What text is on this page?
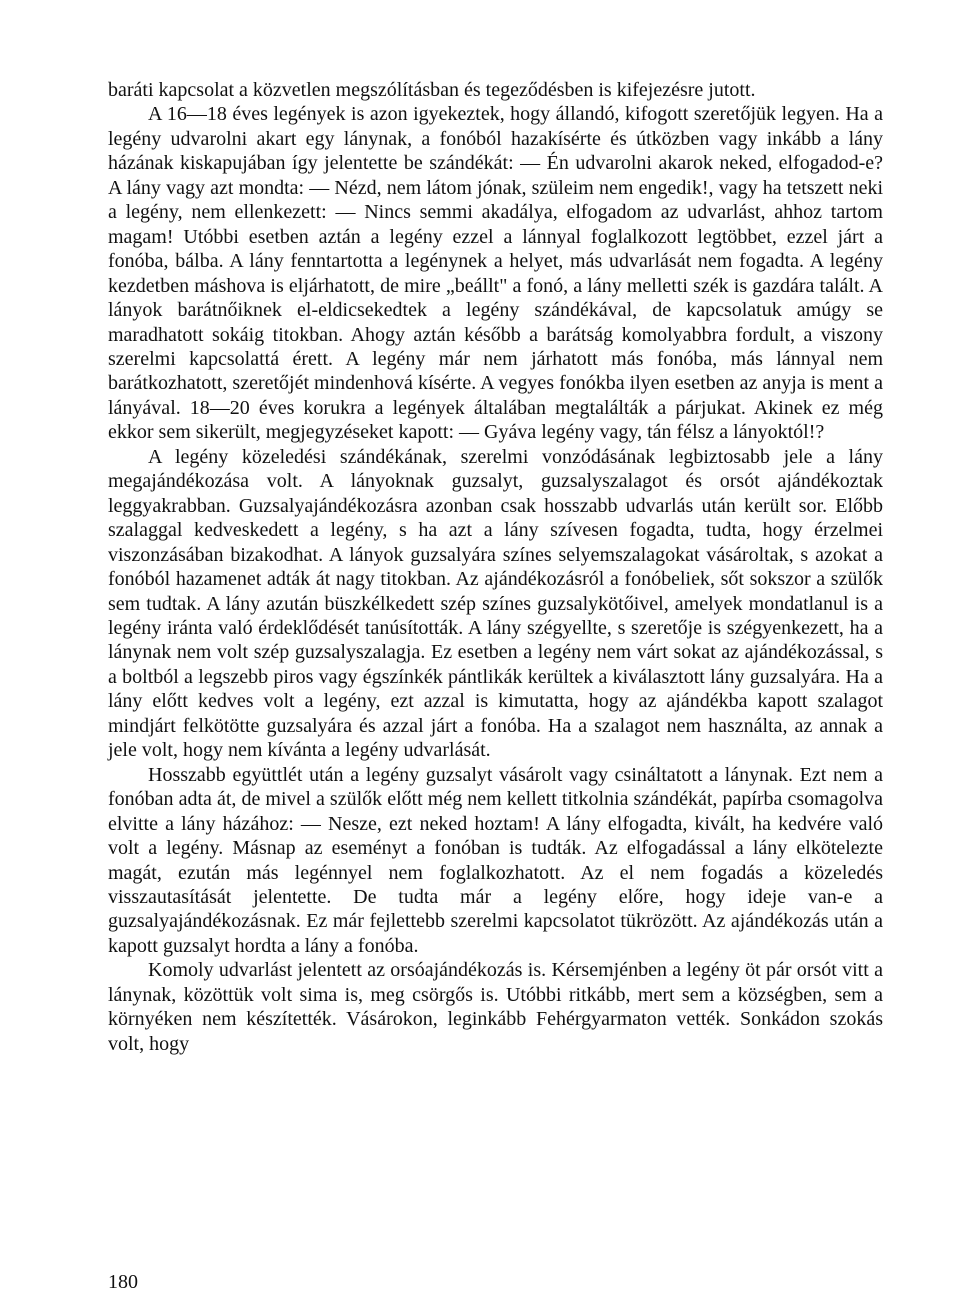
baráti kapcsolat a közvetlen megszólításban és tegeződésben is kifejezésre jutott.

A 16—18 éves legények is azon igyekeztek, hogy állandó, kifogott szeretőjük legyen. Ha a legény udvarolni akart egy lánynak, a fonóból hazakísérte és útközben vagy inkább a lány házának kiskapujában így jelentette be szándékát: — Én udvarolni akarok neked, elfogadod-e? A lány vagy azt mondta: — Nézd, nem látom jónak, szüleim nem engedik!, vagy ha tetszett neki a legény, nem ellenkezett: — Nincs semmi akadálya, elfogadom az udvarlást, ahhoz tartom magam! Utóbbi esetben aztán a legény ezzel a lánnyal foglalkozott legtöbbet, ezzel járt a fonóba, bálba. A lány fenntartotta a legénynek a helyet, más udvarlását nem fogadta. A legény kezdetben máshova is eljárhatott, de mire „beállt" a fonó, a lány melletti szék is gazdára talált. A lányok barátnőiknek el-eldicsekedtek a legény szándékával, de kapcsolatuk amúgy se maradhatott sokáig titokban. Ahogy aztán később a barátság komolyabbra fordult, a viszony szerelmi kapcsolattá érett. A legény már nem járhatott más fonóba, más lánnyal nem barátkozhatott, szeretőjét mindenhová kísérte. A vegyes fonókba ilyen esetben az anyja is ment a lányával. 18—20 éves korukra a legények általában megtalálták a párjukat. Akinek ez még ekkor sem sikerült, megjegyzéseket kapott: — Gyáva legény vagy, tán félsz a lányoktól!?

A legény közeledési szándékának, szerelmi vonzódásának legbiztosabb jele a lány megajándékozása volt. A lányoknak guzsalyt, guzsalyszalagot és orsót ajándékoztak leggyakrabban. Guzsalyajándékozásra azonban csak hosszabb udvarlás után került sor. Előbb szalaggal kedveskedett a legény, s ha azt a lány szívesen fogadta, tudta, hogy érzelmei viszonzásában bizakodhat. A lányok guzsalyára színes selyemszalagokat vásároltak, s azokat a fonóból hazamenet adták át nagy titokban. Az ajándékozásról a fonóbeliek, sőt sokszor a szülők sem tudtak. A lány azután büszkélkedett szép színes guzsalykötőivel, amelyek mondatlanul is a legény iránta való érdeklődését tanúsították. A lány szégyellte, s szeretője is szégyenkezett, ha a lánynak nem volt szép guzsalyszalagja. Ez esetben a legény nem várt sokat az ajándékozással, s a boltból a legszebb piros vagy égszínkék pántlikák kerültek a kiválasztott lány guzsalyára. Ha a lány előtt kedves volt a legény, ezt azzal is kimutatta, hogy az ajándékba kapott szalagot mindjárt felkötötte guzsalyára és azzal járt a fonóba. Ha a szalagot nem használta, az annak a jele volt, hogy nem kívánta a legény udvarlását.

Hosszabb együttlét után a legény guzsalyt vásárolt vagy csináltatott a lánynak. Ezt nem a fonóban adta át, de mivel a szülők előtt még nem kellett titkolnia szándékát, papírba csomagolva elvitte a lány házához: — Nesze, ezt neked hoztam! A lány elfogadta, kivált, ha kedvére való volt a legény. Másnap az eseményt a fonóban is tudták. Az elfogadással a lány elkötelezte magát, ezután más legénnyel nem foglalkozhatott. Az el nem fogadás a közeledés visszautasítását jelentette. De tudta már a legény előre, hogy ideje van-e a guzsalyajándékozásnak. Ez már fejlettebb szerelmi kapcsolatot tükrözött. Az ajándékozás után a kapott guzsalyt hordta a lány a fonóba.

Komoly udvarlást jelentett az orsóajándékozás is. Kérsemjénben a legény öt pár orsót vitt a lánynak, közöttük volt sima is, meg csörgős is. Utóbbi ritkább, mert sem a községben, sem a környéken nem készítették. Vásárokon, leginkább Fehérgyarmaton vették. Sonkádon szokás volt, hogy

180
